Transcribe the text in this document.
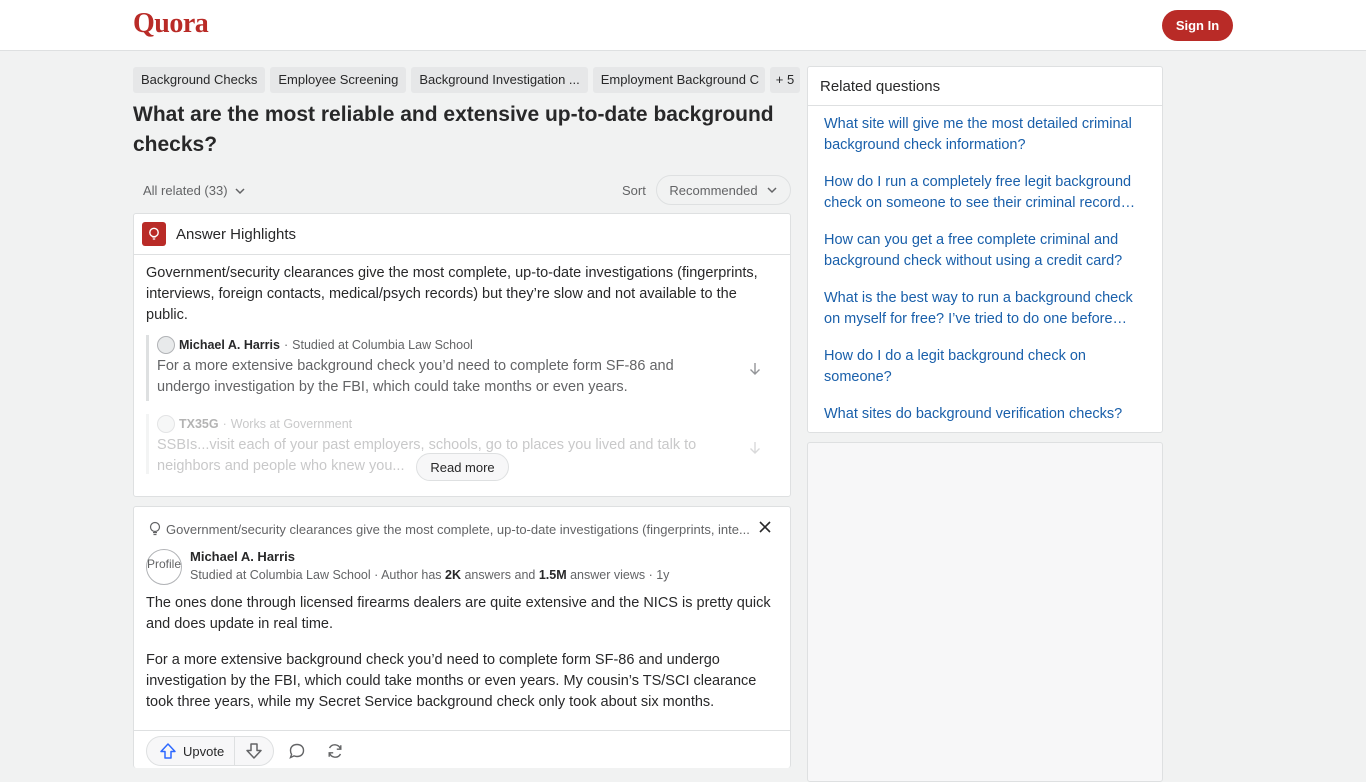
Quora	Sign In
Background Checks Employee Screening Background Investigation ... Employment Background C + 5
What are the most reliable and extensive up-to-date background checks?
All related (33)	Sort Recommended
Answer Highlights
Government/security clearances give the most complete, up-to-date investigations (fingerprints, interviews, foreign contacts, medical/psych records) but they’re slow and not available to the public.
Michael A. Harris · Studied at Columbia Law School
For a more extensive background check you’d need to complete form SF-86 and undergo investigation by the FBI, which could take months or even years.
TX35G · Works at Government
SSBIs...visit each of your past employers, schools, go to places you lived and talk to neighbors and people who knew you...	Read more
Government/security clearances give the most complete, up-to-date investigations (fingerprints, inte...
Profile Michael A. Harris
Studied at Columbia Law School · Author has 2K answers and 1.5M answer views · 1y

The ones done through licensed firearms dealers are quite extensive and the NICS is pretty quick and does update in real time.

For a more extensive background check you’d need to complete form SF-86 and undergo investigation by the FBI, which could take months or even years. My cousin’s TS/SCI clearance took three years, while my Secret Service background check only took about six months.

Upvote
Related questions
What site will give me the most detailed criminal background check information?
How do I run a completely free legit background check on someone to see their criminal record…
How can you get a free complete criminal and background check without using a credit card?
What is the best way to run a background check on myself for free? I’ve tried to do one before…
How do I do a legit background check on someone?
What sites do background verification checks?
